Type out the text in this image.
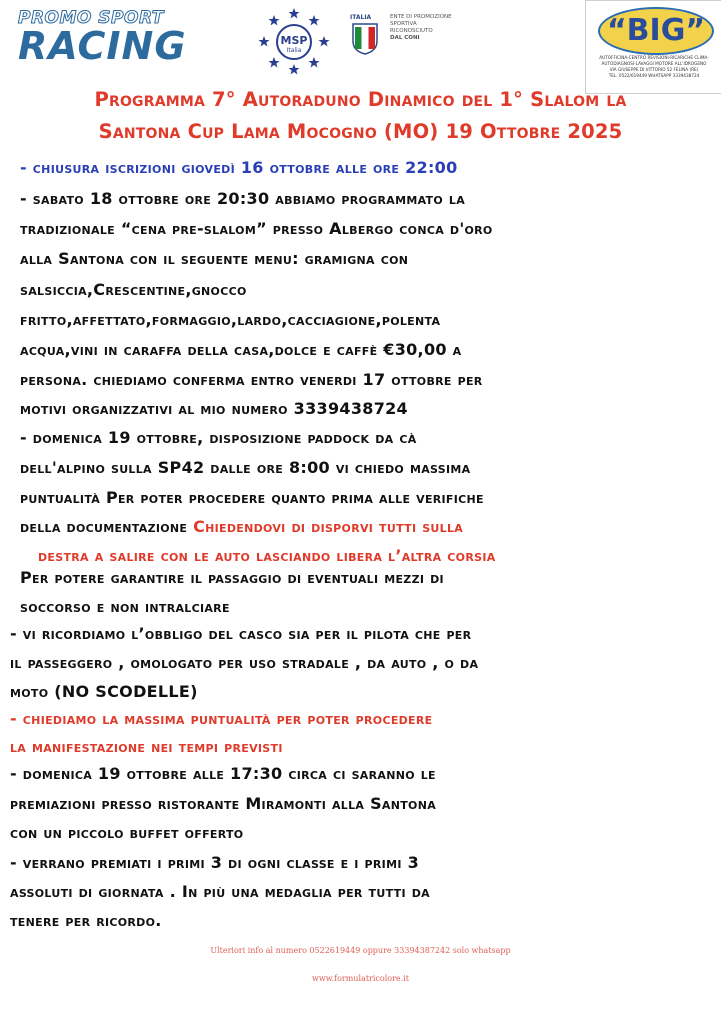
PROMO SPORT
RACING	MSP
Italia
ITALIA	ENTE DI PROMOZIONE
SPORTIVA
RICONOSCIUTO
DAL CONI	“BIG”
AUTOFFICINA-CENTRO REVISIONI-RICARICHE CLIMA-
AUTODIAGNOSI-LAVAGGI MOTORE ALL'IDROGENO
VIA GIUSEPPE DI VITTORIO 52 FELINA (RE)
TEL. 0522/619449 WHATSAPP 3339438724
Programma 7° Autoraduno Dinamico del 1° Slalom la
Santona Cup Lama Mocogno (MO) 19 Ottobre 2025
- chiusura iscrizioni giovedì 16 ottobre alle ore 22:00
- sabato 18 ottobre ore 20:30 abbiamo programmato la
tradizionale “cena pre-slalom” presso Albergo conca d'oro
alla Santona con il seguente menu: gramigna con
salsiccia,Crescentine,gnocco
fritto,affettato,formaggio,lardo,cacciagione,polenta
acqua,vini in caraffa della casa,dolce e caffè €30,00 a
persona. chiediamo conferma entro venerdi 17 ottobre per
motivi organizzativi al mio numero 3339438724
- domenica 19 ottobre, disposizione paddock da cà
dell'alpino sulla SP42 dalle ore 8:00 vi chiedo massima
puntualità Per poter procedere quanto prima alle verifiche
della documentazione Chiedendovi di disporvi tutti sulla
destra a salire con le auto lasciando libera l’altra corsia
Per potere garantire il passaggio di eventuali mezzi di
soccorso e non intralciare
- vi ricordiamo l’obbligo del casco sia per il pilota che per
il passeggero , omologato per uso stradale , da auto , o da
moto (NO SCODELLE)
- chiediamo la massima puntualità per poter procedere
la manifestazione nei tempi previsti
- domenica 19 ottobre alle 17:30 circa ci saranno le
premiazioni presso ristorante Miramonti alla Santona
con un piccolo buffet offerto
- verrano premiati i primi 3 di ogni classe e i primi 3
assoluti di giornata . In più una medaglia per tutti da
tenere per ricordo.
Ulteriori info al numero 0522619449 oppure 33394387242 solo whatsapp
www.formulatricolore.it
